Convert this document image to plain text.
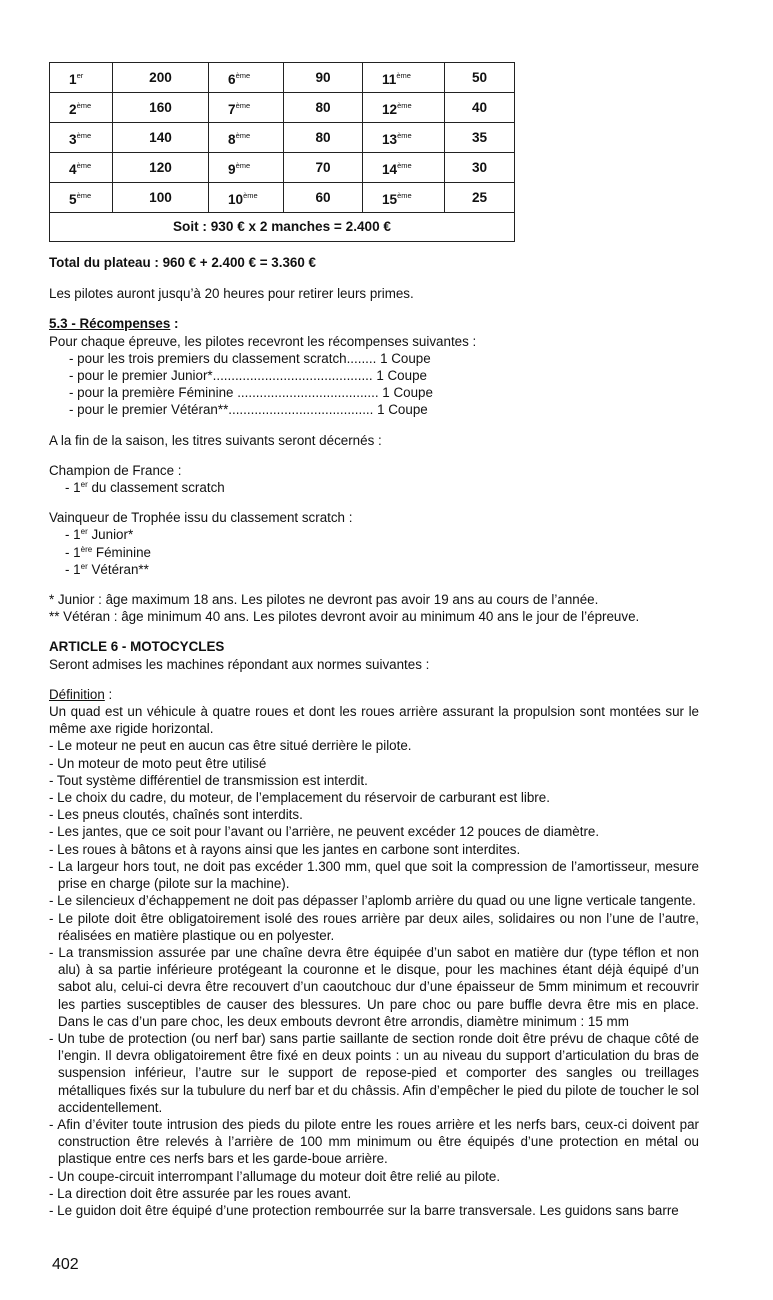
1er	200	6ème	90	11ème	50
2ème	160	7ème	80	12ème	40
3ème	140	8ème	80	13ème	35
4ème	120	9ème	70	14ème	30
5ème	100	10ème	60	15ème	25
Soit : 930 € x 2 manches = 2.400 €					

Total du plateau : 960 € + 2.400 € = 3.360 €

Les pilotes auront jusqu’à 20 heures pour retirer leurs primes.

5.3 - Récompenses :

Pour chaque épreuve, les pilotes recevront les récompenses suivantes :

- pour les trois premiers du classement scratch........ 1 Coupe
- pour le premier Junior*........................................... 1 Coupe
- pour la première Féminine ...................................... 1 Coupe
- pour le premier Vétéran**....................................... 1 Coupe

A la fin de la saison, les titres suivants seront décernés :

Champion de France :

- 1er du classement scratch

Vainqueur de Trophée issu du classement scratch :

- 1er Junior*
- 1ère Féminine
- 1er Vétéran**

* Junior : âge maximum 18 ans. Les pilotes ne devront pas avoir 19 ans au cours de l’année.

** Vétéran : âge minimum 40 ans. Les pilotes devront avoir au minimum 40 ans le jour de l’épreuve.

ARTICLE 6 - MOTOCYCLES

Seront admises les machines répondant aux normes suivantes :

Définition :

Un quad est un véhicule à quatre roues et dont les roues arrière assurant la propulsion sont montées sur le même axe rigide horizontal.

- Le moteur ne peut en aucun cas être situé derrière le pilote.
- Un moteur de moto peut être utilisé
- Tout système différentiel de transmission est interdit.
- Le choix du cadre, du moteur, de l’emplacement du réservoir de carburant est libre.
- Les pneus cloutés, chaînés sont interdits.
- Les jantes, que ce soit pour l’avant ou l’arrière, ne peuvent excéder 12 pouces de diamètre.
- Les roues à bâtons et à rayons ainsi que les jantes en carbone sont interdites.
- La largeur hors tout, ne doit pas excéder 1.300 mm, quel que soit la compression de l’amortisseur, mesure prise en charge (pilote sur la machine).
- Le silencieux d’échappement ne doit pas dépasser l’aplomb arrière du quad ou une ligne verticale tangente.
- Le pilote doit être obligatoirement isolé des roues arrière par deux ailes, solidaires ou non l’une de l’autre, réalisées en matière plastique ou en polyester.
- La transmission assurée par une chaîne devra être équipée d’un sabot en matière dur (type téflon et non alu) à sa partie inférieure protégeant la couronne et le disque, pour les machines étant déjà équipé d’un sabot alu, celui-ci devra être recouvert d’un caoutchouc dur d’une épaisseur de 5mm minimum et recouvrir les parties susceptibles de causer des blessures. Un pare choc ou pare buffle devra être mis en place. Dans le cas d’un pare choc, les deux embouts devront être arrondis, diamètre minimum : 15 mm
- Un tube de protection (ou nerf bar) sans partie saillante de section ronde doit être prévu de chaque côté de l’engin. Il devra obligatoirement être fixé en deux points : un au niveau du support d’articulation du bras de suspension inférieur, l’autre sur le support de repose-pied et comporter des sangles ou treillages métalliques fixés sur la tubulure du nerf bar et du châssis. Afin d’empêcher le pied du pilote de toucher le sol accidentellement.
- Afin d’éviter toute intrusion des pieds du pilote entre les roues arrière et les nerfs bars, ceux-ci doivent par construction être relevés à l’arrière de 100 mm minimum ou être équipés d’une protection en métal ou plastique entre ces nerfs bars et les garde-boue arrière.
- Un coupe-circuit interrompant l’allumage du moteur doit être relié au pilote.
- La direction doit être assurée par les roues avant.
- Le guidon doit être équipé d’une protection rembourrée sur la barre transversale. Les guidons sans barre
402
